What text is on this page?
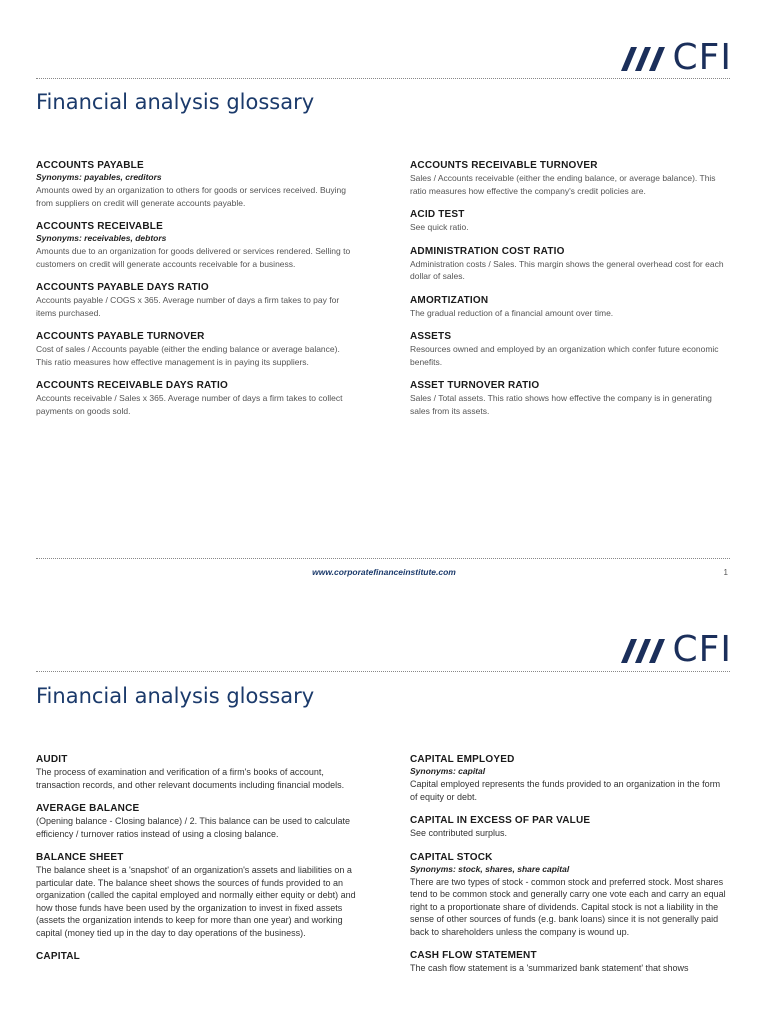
CFI
Financial analysis glossary
ACCOUNTS PAYABLE
Synonyms: payables, creditors

Amounts owed by an organization to others for goods or services received. Buying from suppliers on credit will generate accounts payable.

ACCOUNTS RECEIVABLE
Synonyms: receivables, debtors

Amounts due to an organization for goods delivered or services rendered. Selling to customers on credit will generate accounts receivable for a business.

ACCOUNTS PAYABLE DAYS RATIO

Accounts payable / COGS x 365. Average number of days a firm takes to pay for items purchased.

ACCOUNTS PAYABLE TURNOVER

Cost of sales / Accounts payable (either the ending balance or average balance). This ratio measures how effective management is in paying its suppliers.

ACCOUNTS RECEIVABLE DAYS RATIO

Accounts receivable / Sales x 365. Average number of days a firm takes to collect payments on goods sold.

ACCOUNTS RECEIVABLE TURNOVER

Sales / Accounts receivable (either the ending balance, or average balance). This ratio measures how effective the company's credit policies are.

ACID TEST

See quick ratio.

ADMINISTRATION COST RATIO

Administration costs / Sales. This margin shows the general overhead cost for each dollar of sales.

AMORTIZATION

The gradual reduction of a financial amount over time.

ASSETS

Resources owned and employed by an organization which confer future economic benefits.

ASSET TURNOVER RATIO

Sales / Total assets. This ratio shows how effective the company is in generating sales from its assets.

www.corporatefinanceinstitute.com	1
CFI
Financial analysis glossary
AUDIT

The process of examination and verification of a firm's books of account, transaction records, and other relevant documents including financial models.

AVERAGE BALANCE

(Opening balance - Closing balance) / 2. This balance can be used to calculate efficiency / turnover ratios instead of using a closing balance.

BALANCE SHEET

The balance sheet is a 'snapshot' of an organization's assets and liabilities on a particular date. The balance sheet shows the sources of funds provided to an organization (called the capital employed and normally either equity or debt) and how those funds have been used by the organization to invest in fixed assets (assets the organization intends to keep for more than one year) and working capital (money tied up in the day to day operations of the business).

CAPITAL
CAPITAL EMPLOYED
Synonyms: capital

Capital employed represents the funds provided to an organization in the form of equity or debt.

CAPITAL IN EXCESS OF PAR VALUE

See contributed surplus.

CAPITAL STOCK
Synonyms: stock, shares, share capital

There are two types of stock - common stock and preferred stock. Most shares tend to be common stock and generally carry one vote each and carry an equal right to a proportionate share of dividends. Capital stock is not a liability in the sense of other sources of funds (e.g. bank loans) since it is not generally paid back to shareholders unless the company is wound up.

CASH FLOW STATEMENT

The cash flow statement is a 'summarized bank statement' that shows
